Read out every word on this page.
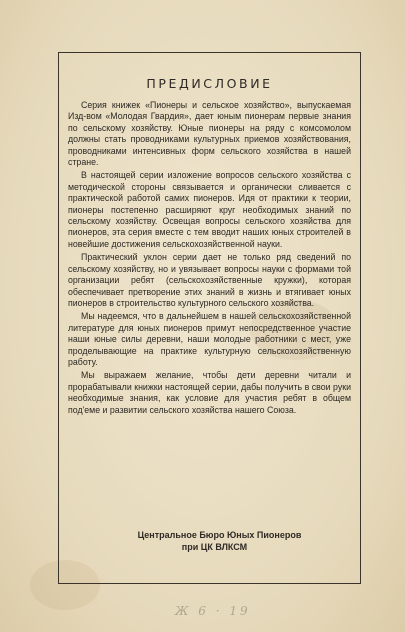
ПРЕДИСЛОВИЕ

Серия книжек «Пионеры и сельское хозяйство», выпускаемая Изд-вом «Молодая Гвардия», дает юным пионерам первые знания по сельскому хозяйству. Юные пионеры на ряду с комсомолом должны стать проводниками культурных приемов хозяйствования, проводниками интенсивных форм сельского хозяйства в нашей стране.

В настоящей серии изложение вопросов сельского хозяйства с методической стороны связывается и органически сливается с практической работой самих пионеров. Идя от практики к теории, пионеры постепенно расширяют круг необходимых знаний по сельскому хозяйству. Освещая вопросы сельского хозяйства для пионеров, эта серия вместе с тем вводит наших юных строителей в новейшие достижения сельскохозяйственной науки.

Практический уклон серии дает не только ряд сведений по сельскому хозяйству, но и увязывает вопросы науки с формами той организации ребят (сельскохозяйственные кружки), которая обеспечивает претворение этих знаний в жизнь и втягивает юных пионеров в строительство культурного сельского хозяйства.

Мы надеемся, что в дальнейшем в нашей сельскохозяйственной литературе для юных пионеров примут непосредственное участие наши юные силы деревни, наши молодые работники с мест, уже проделывающие на практике культурную сельскохозяйственную работу.

Мы выражаем желание, чтобы дети деревни читали и прорабатывали книжки настоящей серии, дабы получить в свои руки необходимые знания, как условие для участия ребят в общем под'еме и развитии сельского хозяйства нашего Союза.

Центральное Бюро Юных Пионеров
при ЦК ВЛКСМ
Ж 6 · 19
